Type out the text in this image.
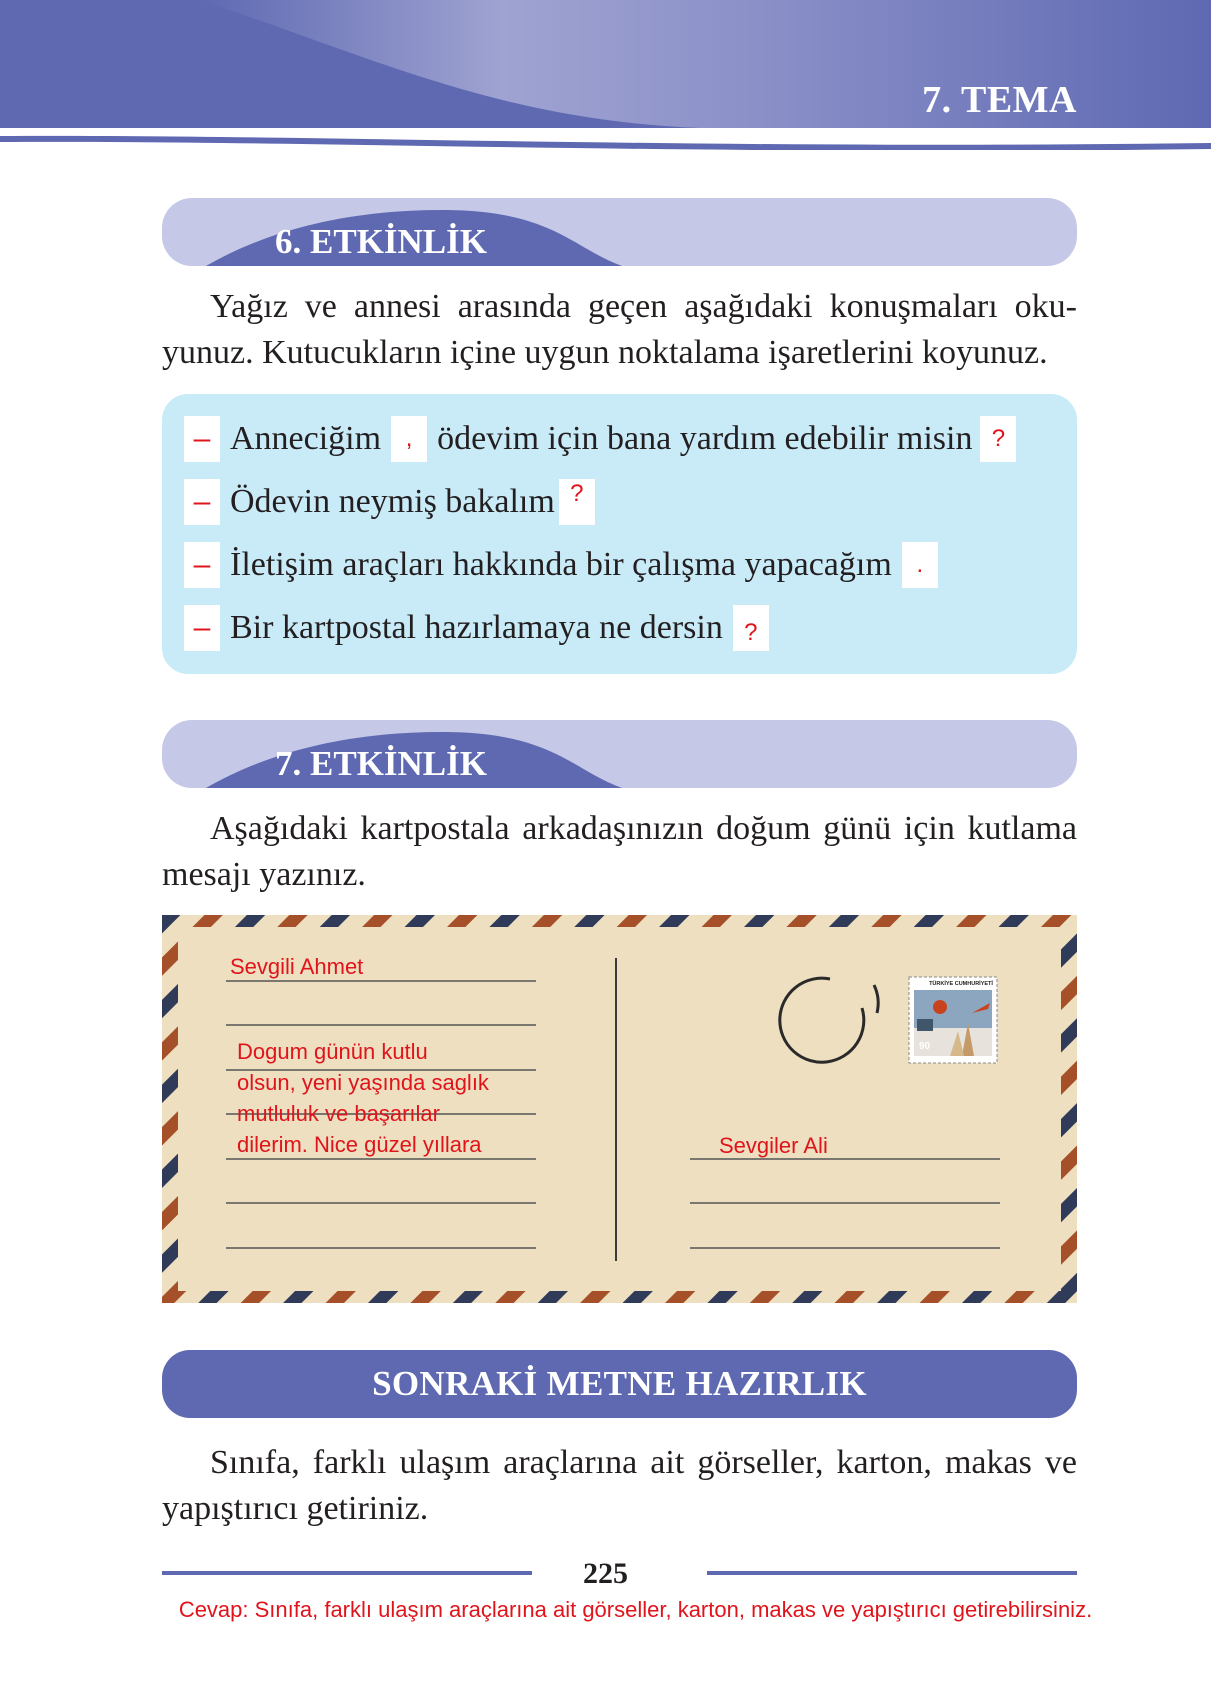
7. TEMA
6. ETKİNLİK
Yağız ve annesi arasında geçen aşağıdaki konuşmaları oku-
yunuz. Kutucukların içine uygun noktalama işaretlerini koyunuz.
– Anneciğim	, ödevim için bana yardım edebilir misin ?
– Ödevin neymiş bakalım ?
– İletişim araçları hakkında bir çalışma yapacağım	.
– Bir kartpostal hazırlamaya ne dersin ?
7. ETKİNLİK
Aşağıdaki kartpostala arkadaşınızın doğum günü için kutlama
mesajı yazınız.
TÜRKİYE CUMHURİYETİ
90
Sevgili Ahmet
Dogum günün kutlu
olsun, yeni yaşında saglık
mutluluk ve başarılar
dilerim. Nice güzel yıllara	Sevgiler Ali
SONRAKİ METNE HAZIRLIK
Sınıfa, farklı ulaşım araçlarına ait görseller, karton, makas ve
yapıştırıcı getiriniz.
225
Cevap: Sınıfa, farklı ulaşım araçlarına ait görseller, karton, makas ve yapıştırıcı getirebilirsiniz.
